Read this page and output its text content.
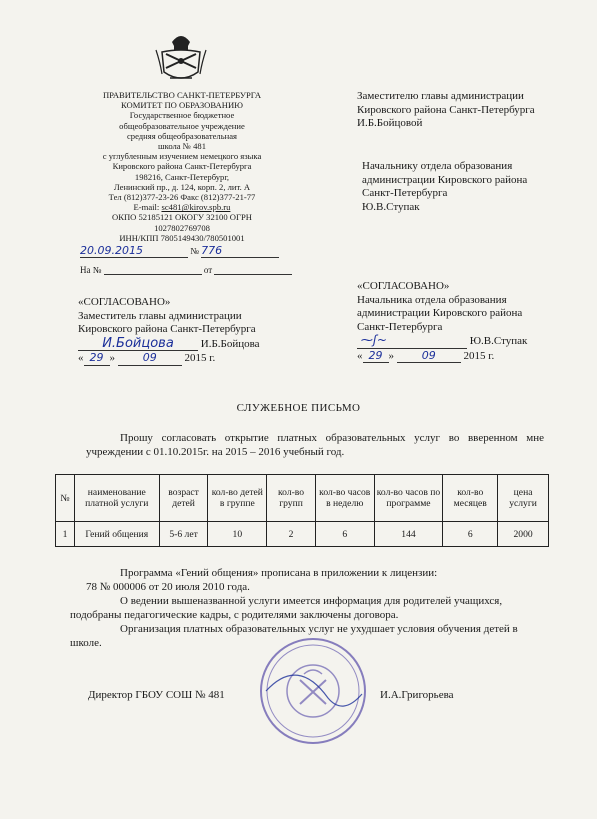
ПРАВИТЕЛЬСТВО САНКТ-ПЕТЕРБУРГА
КОМИТЕТ ПО ОБРАЗОВАНИЮ
Государственное бюджетное
общеобразовательное учреждение
средняя общеобразовательная
школа № 481
с углубленным изучением немецкого языка
Кировского района Санкт-Петербурга
198216, Санкт-Петербург,
Ленинский пр., д. 124, корп. 2, лит. А
Тел (812)377-23-26 Факс (812)377-21-77
E-mail: sc481@kirov.spb.ru
ОКПО 52185121 ОКОГУ 32100 ОГРН
1027802769708
ИНН/КПП 7805149430/780501001
20.09.2015	№ 776
На №	от
Заместителю главы администрации
Кировского района Санкт-Петербурга
И.Б.Бойцовой
Начальнику отдела образования
администрации Кировского района
Санкт-Петербурга
Ю.В.Ступак
«СОГЛАСОВАНО»
Заместитель главы администрации
Кировского района Санкт-Петербурга
И.Бойцова И.Б.Бойцова
« 29 » 09	2015 г.
«СОГЛАСОВАНО»
Начальника отдела образования
администрации Кировского района
Санкт-Петербурга
⁓ʃ~	Ю.В.Ступак
« 29 » 09	2015 г.
СЛУЖЕБНОЕ ПИСЬМО
Прошу согласовать открытие платных образовательных услуг во вверенном мне учреждении с 01.10.2015г. на 2015 – 2016 учебный год.
№	наименование платной услуги	возраст детей	кол-во детей в группе	кол-во групп	кол-во часов в неделю	кол-во часов по программе	кол-во месяцев	цена услуги
1	Гений общения	5-6 лет	10	2	6	144	6	2000

Программа «Гений общения» прописана в приложении к лицензии:

78 № 000006 от 20 июля 2010 года.

О ведении вышеназванной услуги имеется информация для родителей учащихся, подобраны педагогические кадры, с родителями заключены договора.

Организация платных образовательных услуг не ухудшает условия обучения детей в школе.

Директор ГБОУ СОШ № 481	И.А.Григорьева
